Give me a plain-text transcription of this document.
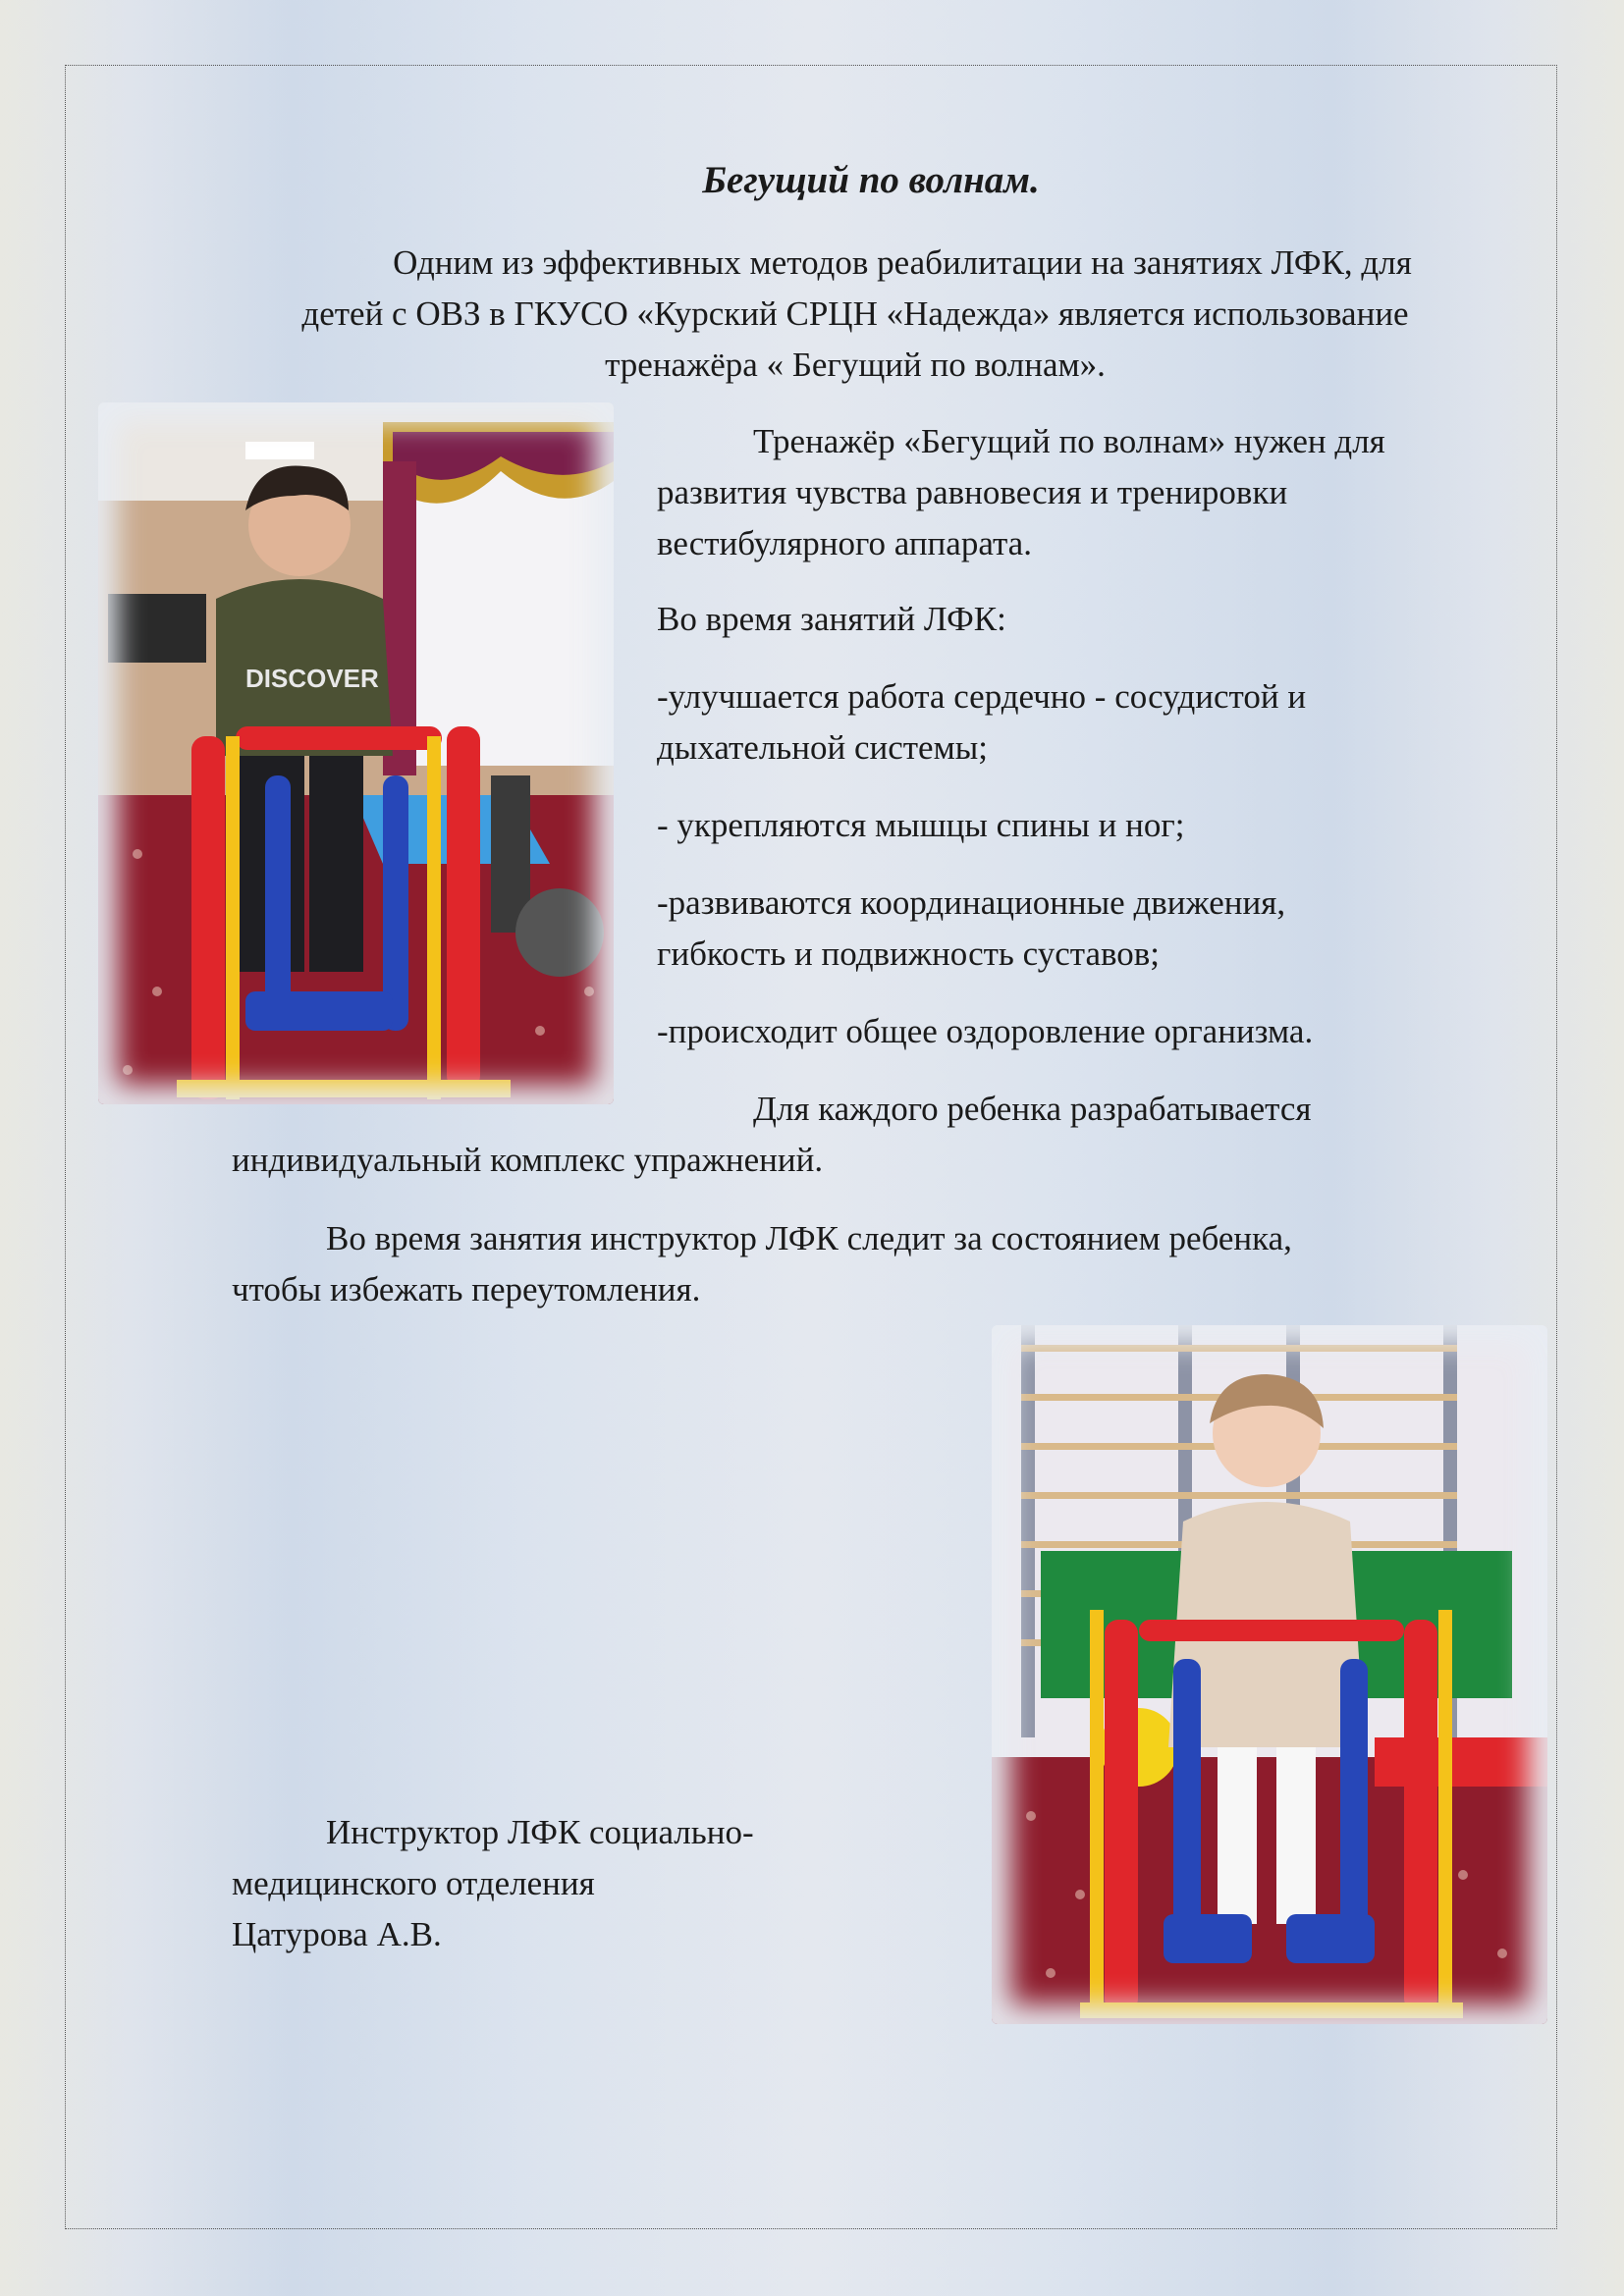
Бегущий по волнам.
Одним из эффективных методов реабилитации на занятиях ЛФК, для
детей с ОВЗ в ГКУСО «Курский СРЦН «Надежда» является использование
тренажёра « Бегущий по волнам».
DISCOVER
Тренажёр «Бегущий по волнам» нужен для
развития чувства равновесия и тренировки
вестибулярного аппарата.
Во время занятий ЛФК:
-улучшается работа сердечно - сосудистой и
дыхательной системы;
- укрепляются мышцы спины и ног;
-развиваются координационные движения,
гибкость и подвижность суставов;
-происходит общее оздоровление организма.
Для каждого ребенка разрабатывается
индивидуальный комплекс упражнений.
Во время занятия инструктор ЛФК следит за состоянием ребенка,
чтобы избежать переутомления.
Инструктор ЛФК социально-
медицинского отделения
Цатурова А.В.
